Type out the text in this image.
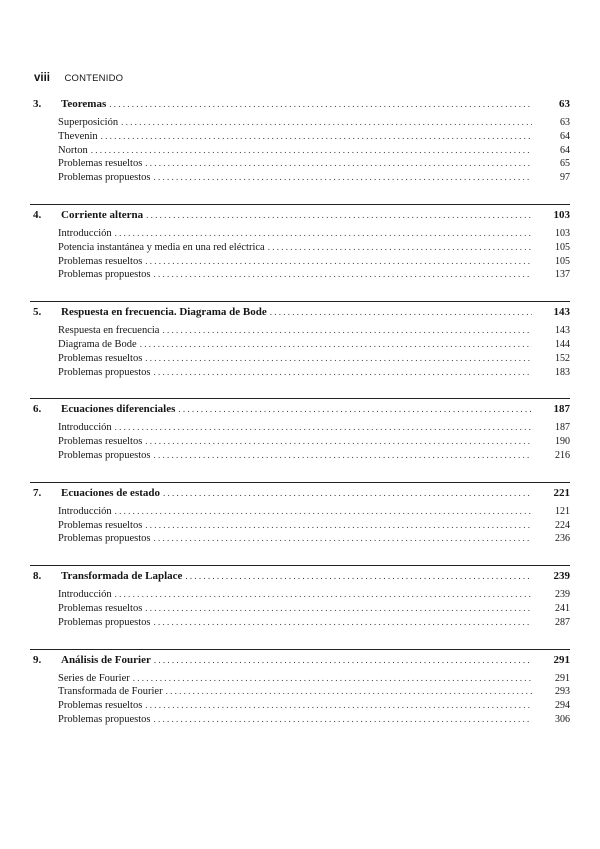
viii CONTENIDO
3.	Teoremas . . .	63
Superposición . . .	63
Thevenin . . .	64
Norton . . .	64
Problemas resueltos . . .	65
Problemas propuestos . . .	97
4.	Corriente alterna . . .	103
Introducción . . .	103
Potencia instantánea y media en una red eléctrica . . .	105
Problemas resueltos . . .	105
Problemas propuestos . . .	137
5.	Respuesta en frecuencia. Diagrama de Bode . . .	143
Respuesta en frecuencia . . .	143
Diagrama de Bode . . .	144
Problemas resueltos . . .	152
Problemas propuestos . . .	183
6.	Ecuaciones diferenciales . . .	187
Introducción . . .	187
Problemas resueltos . . .	190
Problemas propuestos . . .	216
7.	Ecuaciones de estado . . .	221
Introducción . . .	121
Problemas resueltos . . .	224
Problemas propuestos . . .	236
8.	Transformada de Laplace . . .	239
Introducción . . .	239
Problemas resueltos . . .	241
Problemas propuestos . . .	287
9.	Análisis de Fourier . . .	291
Series de Fourier . . .	291
Transformada de Fourier . . .	293
Problemas resueltos . . .	294
Problemas propuestos . . .	306
